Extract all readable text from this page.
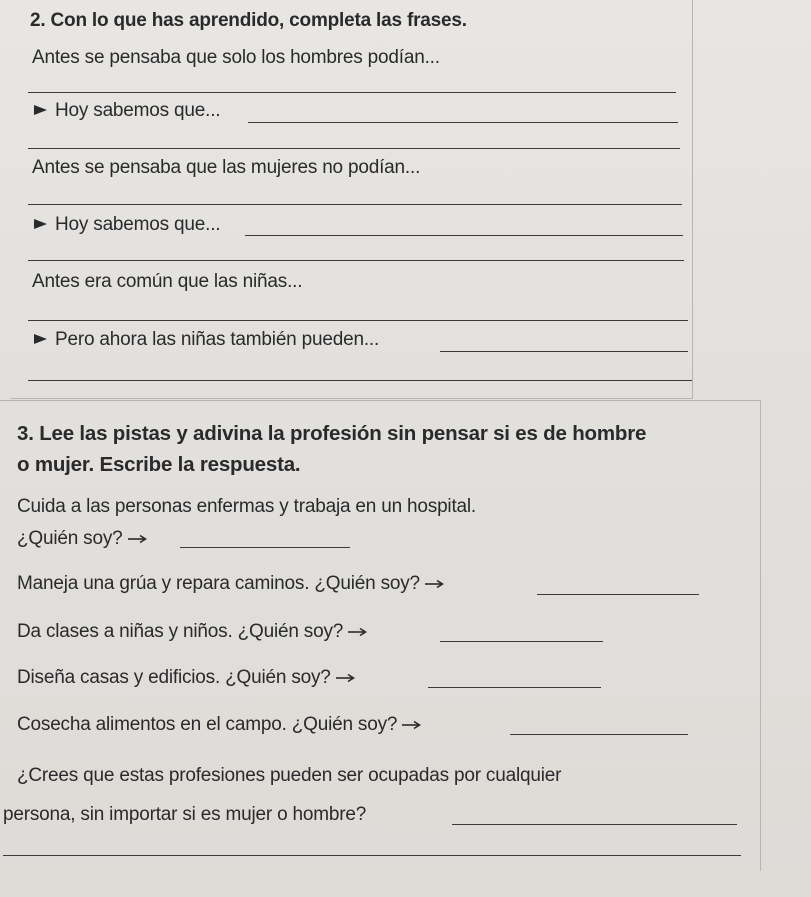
2. Con lo que has aprendido, completa las frases.
Antes se pensaba que solo los hombres podían...
Hoy sabemos que...
Antes se pensaba que las mujeres no podían...
Hoy sabemos que...
Antes era común que las niñas...
Pero ahora las niñas también pueden...
3. Lee las pistas y adivina la profesión sin pensar si es de hombre
o mujer. Escribe la respuesta.
Cuida a las personas enfermas y trabaja en un hospital.
¿Quién soy?
Maneja una grúa y repara caminos. ¿Quién soy?
Da clases a niñas y niños. ¿Quién soy?
Diseña casas y edificios. ¿Quién soy?
Cosecha alimentos en el campo. ¿Quién soy?
¿Crees que estas profesiones pueden ser ocupadas por cualquier
persona, sin importar si es mujer o hombre?
